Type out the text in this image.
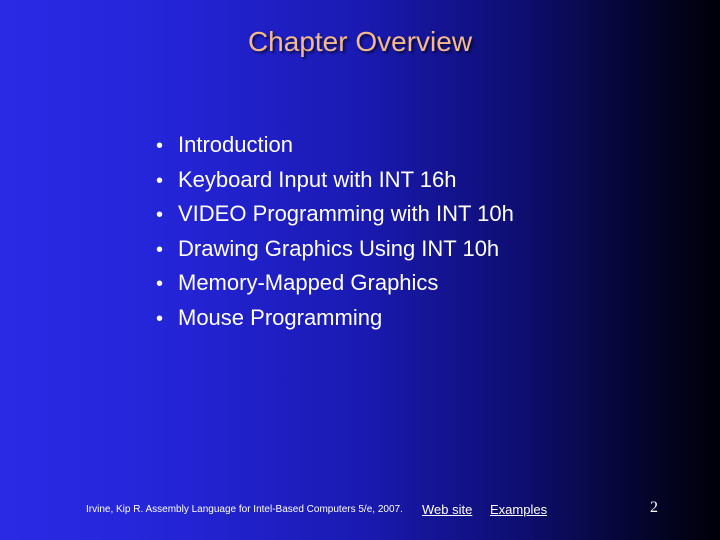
Chapter Overview
• Introduction
• Keyboard Input with INT 16h
• VIDEO Programming with INT 10h
• Drawing Graphics Using INT 10h
• Memory-Mapped Graphics
• Mouse Programming
Irvine, Kip R. Assembly Language for Intel-Based Computers 5/e, 2007. Web site Examples	2
